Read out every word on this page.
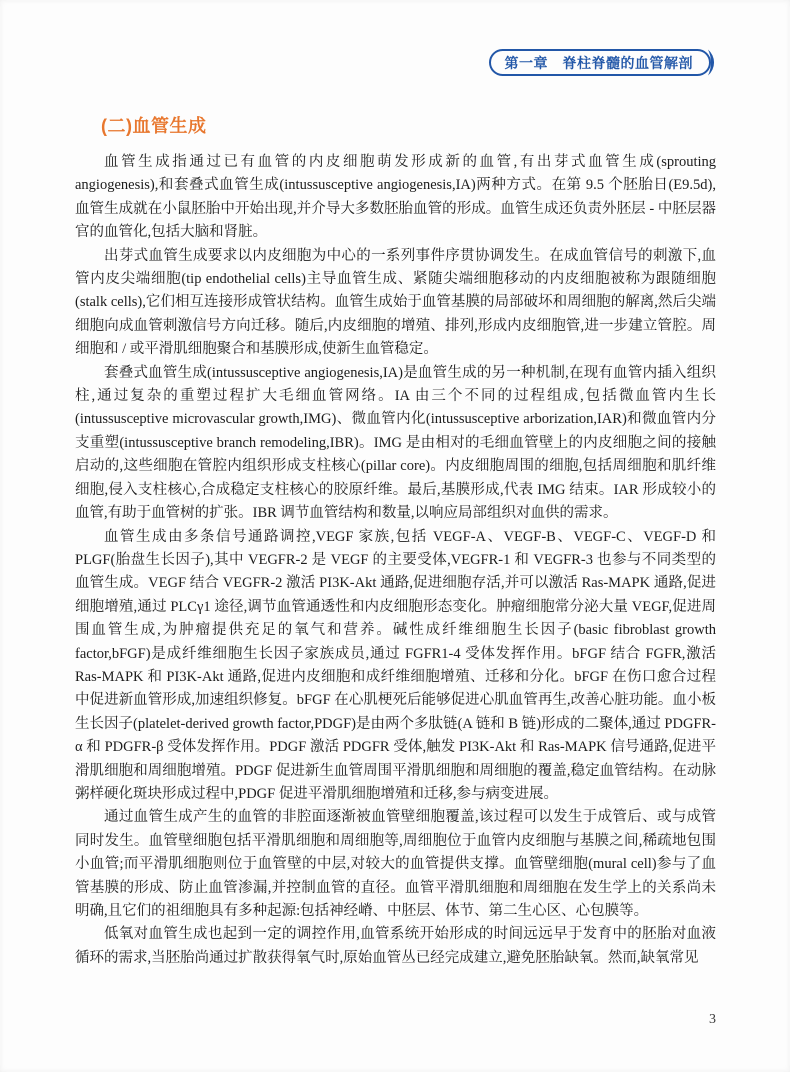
第一章　脊柱脊髓的血管解剖
(二)血管生成

血管生成指通过已有血管的内皮细胞萌发形成新的血管,有出芽式血管生成(sprouting angiogenesis),和套叠式血管生成(intussusceptive angiogenesis,IA)两种方式。在第 9.5 个胚胎日(E9.5d),血管生成就在小鼠胚胎中开始出现,并介导大多数胚胎血管的形成。血管生成还负责外胚层 - 中胚层器官的血管化,包括大脑和肾脏。

出芽式血管生成要求以内皮细胞为中心的一系列事件序贯协调发生。在成血管信号的刺激下,血管内皮尖端细胞(tip endothelial cells)主导血管生成、紧随尖端细胞移动的内皮细胞被称为跟随细胞(stalk cells),它们相互连接形成管状结构。血管生成始于血管基膜的局部破坏和周细胞的解离,然后尖端细胞向成血管刺激信号方向迁移。随后,内皮细胞的增殖、排列,形成内皮细胞管,进一步建立管腔。周细胞和 / 或平滑肌细胞聚合和基膜形成,使新生血管稳定。

套叠式血管生成(intussusceptive angiogenesis,IA)是血管生成的另一种机制,在现有血管内插入组织柱,通过复杂的重塑过程扩大毛细血管网络。IA 由三个不同的过程组成,包括微血管内生长(intussusceptive microvascular growth,IMG)、微血管内化(intussusceptive arborization,IAR)和微血管内分支重塑(intussusceptive branch remodeling,IBR)。IMG 是由相对的毛细血管壁上的内皮细胞之间的接触启动的,这些细胞在管腔内组织形成支柱核心(pillar core)。内皮细胞周围的细胞,包括周细胞和肌纤维细胞,侵入支柱核心,合成稳定支柱核心的胶原纤维。最后,基膜形成,代表 IMG 结束。IAR 形成较小的血管,有助于血管树的扩张。IBR 调节血管结构和数量,以响应局部组织对血供的需求。

血管生成由多条信号通路调控,VEGF 家族,包括 VEGF-A、VEGF-B、VEGF-C、VEGF-D 和 PLGF(胎盘生长因子),其中 VEGFR-2 是 VEGF 的主要受体,VEGFR-1 和 VEGFR-3 也参与不同类型的血管生成。VEGF 结合 VEGFR-2 激活 PI3K-Akt 通路,促进细胞存活,并可以激活 Ras-MAPK 通路,促进细胞增殖,通过 PLCγ1 途径,调节血管通透性和内皮细胞形态变化。肿瘤细胞常分泌大量 VEGF,促进周围血管生成,为肿瘤提供充足的氧气和营养。碱性成纤维细胞生长因子(basic fibroblast growth factor,bFGF)是成纤维细胞生长因子家族成员,通过 FGFR1-4 受体发挥作用。bFGF 结合 FGFR,激活 Ras-MAPK 和 PI3K-Akt 通路,促进内皮细胞和成纤维细胞增殖、迁移和分化。bFGF 在伤口愈合过程中促进新血管形成,加速组织修复。bFGF 在心肌梗死后能够促进心肌血管再生,改善心脏功能。血小板生长因子(platelet-derived growth factor,PDGF)是由两个多肽链(A 链和 B 链)形成的二聚体,通过 PDGFR-α 和 PDGFR-β 受体发挥作用。PDGF 激活 PDGFR 受体,触发 PI3K-Akt 和 Ras-MAPK 信号通路,促进平滑肌细胞和周细胞增殖。PDGF 促进新生血管周围平滑肌细胞和周细胞的覆盖,稳定血管结构。在动脉粥样硬化斑块形成过程中,PDGF 促进平滑肌细胞增殖和迁移,参与病变进展。

通过血管生成产生的血管的非腔面逐渐被血管壁细胞覆盖,该过程可以发生于成管后、或与成管同时发生。血管壁细胞包括平滑肌细胞和周细胞等,周细胞位于血管内皮细胞与基膜之间,稀疏地包围小血管;而平滑肌细胞则位于血管壁的中层,对较大的血管提供支撑。血管壁细胞(mural cell)参与了血管基膜的形成、防止血管渗漏,并控制血管的直径。血管平滑肌细胞和周细胞在发生学上的关系尚未明确,且它们的祖细胞具有多种起源:包括神经嵴、中胚层、体节、第二生心区、心包膜等。

低氧对血管生成也起到一定的调控作用,血管系统开始形成的时间远远早于发育中的胚胎对血液循环的需求,当胚胎尚通过扩散获得氧气时,原始血管丛已经完成建立,避免胚胎缺氧。然而,缺氧常见

3
